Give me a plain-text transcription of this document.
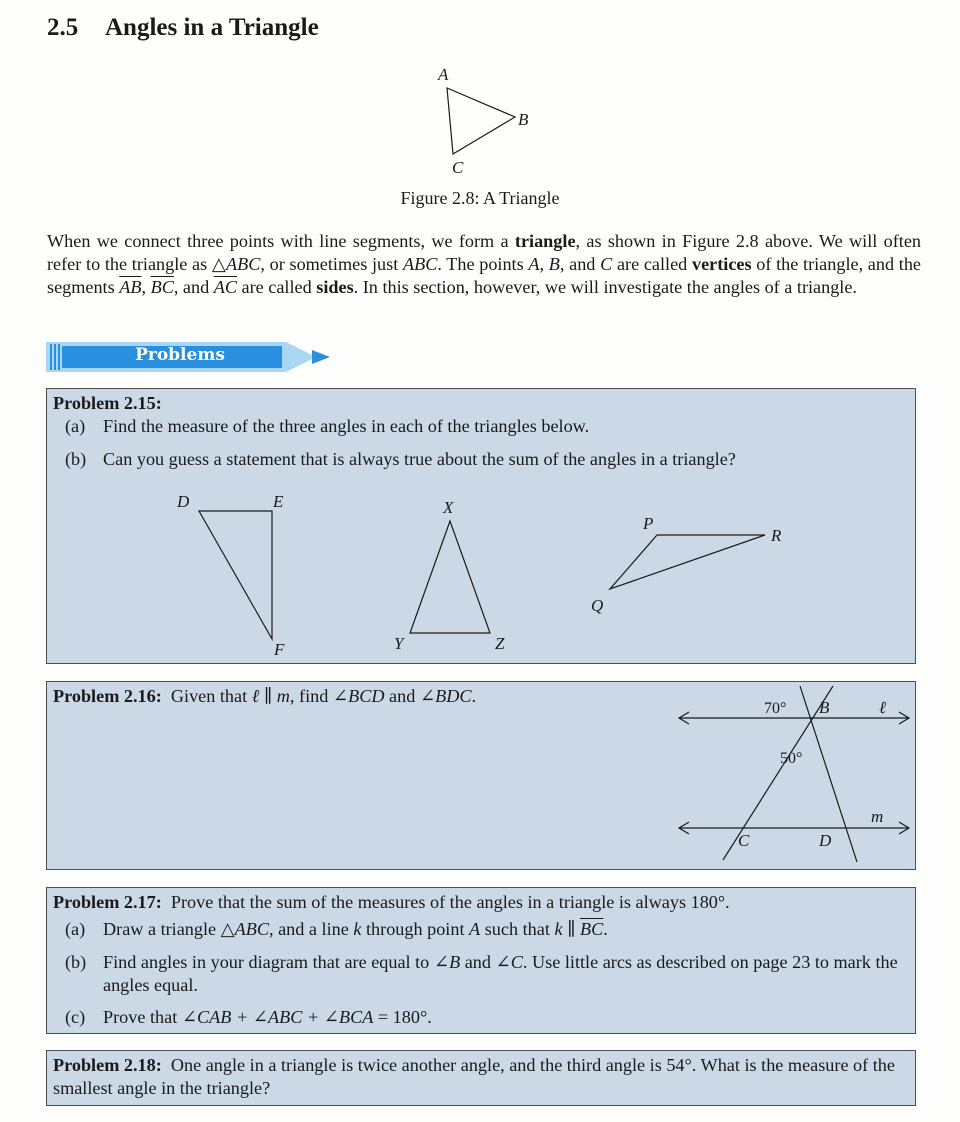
2.5 Angles in a Triangle
A
B
C
Figure 2.8: A Triangle

When we connect three points with line segments, we form a triangle, as shown in Figure 2.8 above. We will often refer to the triangle as △ABC, or sometimes just ABC. The points A, B, and C are called vertices of the triangle, and the segments $\overline{AB}$, $\overline{BC}$, and $\overline{AC}$ are called sides. In this section, however, we will investigate the angles of a triangle.

Problems
Problem 2.15:
(a) Find the measure of the three angles in each of the triangles below.
(b) Can you guess a statement that is always true about the sum of the angles in a triangle?
D	E
F
X
Y	Z
P
R
Q
Problem 2.16: Given that ℓ ∥ m, find ∠BCD and ∠BDC.
70° B	ℓ
50°
C	D
m
Problem 2.17: Prove that the sum of the measures of the angles in a triangle is always 180°.
(a) Draw a triangle △ABC, and a line k through point A such that k ∥ $\overline{BC}$.
(b) Find angles in your diagram that are equal to ∠B and ∠C. Use little arcs as described on page 23 to mark the angles equal.
(c) Prove that ∠CAB + ∠ABC + ∠BCA = 180°.
Problem 2.18: One angle in a triangle is twice another angle, and the third angle is 54°. What is the measure of the smallest angle in the triangle?
